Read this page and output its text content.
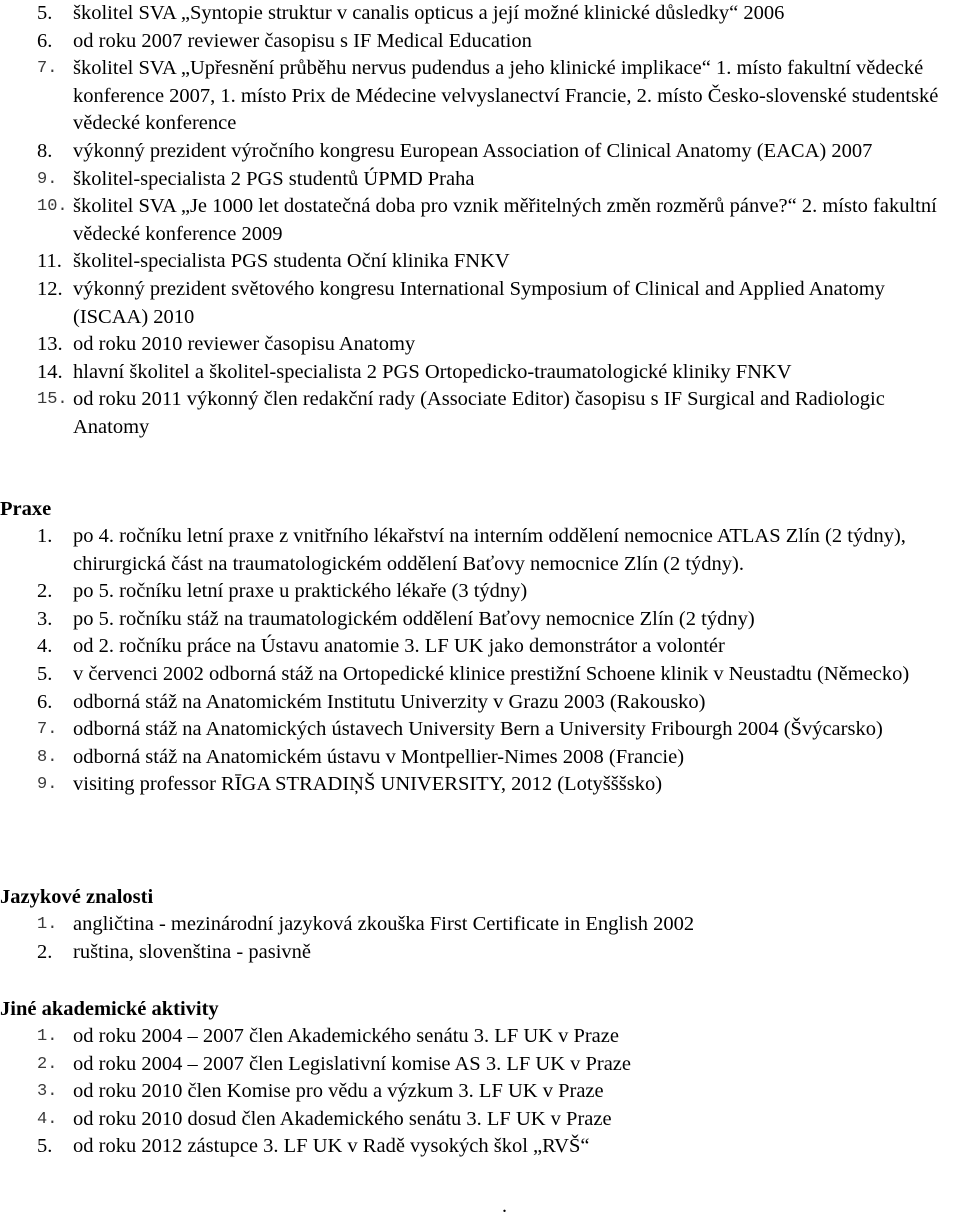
5. školitel SVA „Syntopie struktur v canalis opticus a její možné klinické důsledky“ 2006
6. od roku 2007 reviewer časopisu s IF Medical Education
7. školitel SVA „Upřesnění průběhu nervus pudendus a jeho klinické implikace“ 1. místo fakultní vědecké konference 2007, 1. místo Prix de Médecine velvyslanectví Francie, 2. místo Česko-slovenské studentské vědecké konference
8. výkonný prezident výročního kongresu European Association of Clinical Anatomy (EACA) 2007
9. školitel-specialista 2 PGS studentů ÚPMD Praha
10. školitel SVA „Je 1000 let dostatečná doba pro vznik měřitelných změn rozměrů pánve?“ 2. místo fakultní vědecké konference 2009
11. školitel-specialista PGS studenta Oční klinika FNKV
12. výkonný prezident světového kongresu International Symposium of Clinical and Applied Anatomy (ISCAA) 2010
13. od roku 2010 reviewer časopisu Anatomy
14. hlavní školitel a školitel-specialista 2 PGS Ortopedicko-traumatologické kliniky FNKV
15. od roku 2011 výkonný člen redakční rady (Associate Editor) časopisu s IF Surgical and Radiologic Anatomy
Praxe
1. po 4. ročníku letní praxe z vnitřního lékařství na interním oddělení nemocnice ATLAS Zlín (2 týdny), chirurgická část na traumatologickém oddělení Baťovy nemocnice Zlín (2 týdny).
2. po 5. ročníku letní praxe u praktického lékaře (3 týdny)
3. po 5. ročníku stáž na traumatologickém oddělení Baťovy nemocnice Zlín (2 týdny)
4. od 2. ročníku práce na Ústavu anatomie 3. LF UK jako demonstrátor a volontér
5. v červenci 2002 odborná stáž na Ortopedické klinice prestižní Schoene klinik v Neustadtu (Německo)
6. odborná stáž na Anatomickém Institutu Univerzity v Grazu 2003 (Rakousko)
7. odborná stáž na Anatomických ústavech University Bern a University Fribourgh 2004 (Švýcarsko)
8. odborná stáž na Anatomickém ústavu v Montpellier-Nimes 2008 (Francie)
9. visiting professor RĪGA STRADIŅŠ UNIVERSITY, 2012 (Lotyšššsko)
Jazykové znalosti
1. angličtina - mezinárodní jazyková zkouška First Certificate in English 2002
2. ruština, slovenština - pasivně
Jiné akademické aktivity
1. od roku 2004 – 2007 člen Akademického senátu 3. LF UK v Praze
2. od roku 2004 – 2007 člen Legislativní komise AS 3. LF UK v Praze
3. od roku 2010 člen Komise pro vědu a výzkum 3. LF UK v Praze
4. od roku 2010 dosud člen Akademického senátu 3. LF UK v Praze
5. od roku 2012 zástupce 3. LF UK v Radě vysokých škol „RVŠ“
.
